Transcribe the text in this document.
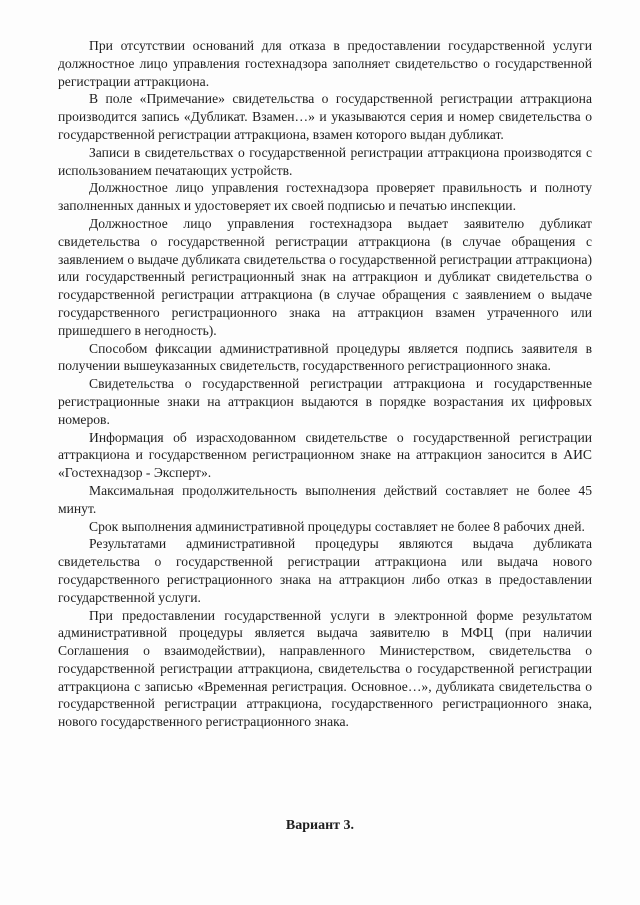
При отсутствии оснований для отказа в предоставлении государственной услуги должностное лицо управления гостехнадзора заполняет свидетельство о государственной регистрации аттракциона.

В поле «Примечание» свидетельства о государственной регистрации аттракциона производится запись «Дубликат. Взамен…» и указываются серия и номер свидетельства о государственной регистрации аттракциона, взамен которого выдан дубликат.

Записи в свидетельствах о государственной регистрации аттракциона производятся с использованием печатающих устройств.

Должностное лицо управления гостехнадзора проверяет правильность и полноту заполненных данных и удостоверяет их своей подписью и печатью инспекции.

Должностное лицо управления гостехнадзора выдает заявителю дубликат свидетельства о государственной регистрации аттракциона (в случае обращения с заявлением о выдаче дубликата свидетельства о государственной регистрации аттракциона) или государственный регистрационный знак на аттракцион и дубликат свидетельства о государственной регистрации аттракциона (в случае обращения с заявлением о выдаче государственного регистрационного знака на аттракцион взамен утраченного или пришедшего в негодность).

Способом фиксации административной процедуры является подпись заявителя в получении вышеуказанных свидетельств, государственного регистрационного знака.

Свидетельства о государственной регистрации аттракциона и государственные регистрационные знаки на аттракцион выдаются в порядке возрастания их цифровых номеров.

Информация об израсходованном свидетельстве о государственной регистрации аттракциона и государственном регистрационном знаке на аттракцион заносится в АИС «Гостехнадзор - Эксперт».

Максимальная продолжительность выполнения действий составляет не более 45 минут.

Срок выполнения административной процедуры составляет не более 8 рабочих дней.

Результатами административной процедуры являются выдача дубликата свидетельства о государственной регистрации аттракциона или выдача нового государственного регистрационного знака на аттракцион либо отказ в предоставлении государственной услуги.

При предоставлении государственной услуги в электронной форме результатом административной процедуры является выдача заявителю в МФЦ (при наличии Соглашения о взаимодействии), направленного Министерством, свидетельства о государственной регистрации аттракциона, свидетельства о государственной регистрации аттракциона с записью «Временная регистрация. Основное…», дубликата свидетельства о государственной регистрации аттракциона, государственного регистрационного знака, нового государственного регистрационного знака.

Вариант 3.
